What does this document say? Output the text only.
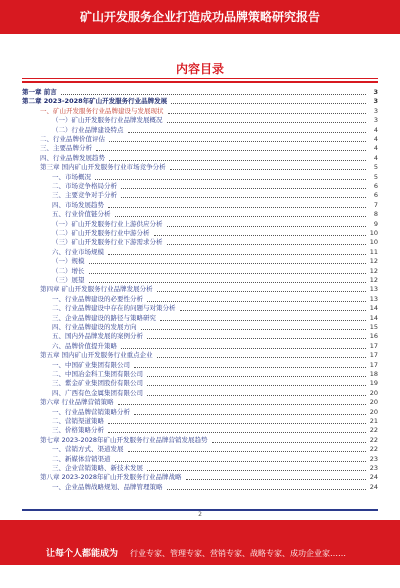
矿山开发服务企业打造成功品牌策略研究报告
内容目录
第一章 前言	3
第二章 2023-2028年矿山开发服务行业品牌发展	3
一、矿山开发服务行业品牌建设与发展现状	3
（一）矿山开发服务行业品牌发展概况	3
（二）行业品牌建设特点	4
二、行业品牌价值评估	4
三、主要品牌分析	4
四、行业品牌发展趋势	4
第三章 国内矿山开发服务行业市场竞争分析	5
一、市场概况	5
二、市场竞争格局分析	6
三、主要竞争对手分析	6
四、市场发展趋势	7
五、行业价值链分析	8
（一）矿山开发服务行业上游供应分析	9
（二）矿山开发服务行业中游分析	10
（三）矿山开发服务行业下游需求分析	10
六、行业市场规模	11
（一）规模	12
（二）增长	12
（三）展望	12
第四章 矿山开发服务行业品牌发展分析	13
一、行业品牌建设的必要性分析	13
二、行业品牌建设中存在的问题与对策分析	14
三、企业品牌建设的路径与策略研究	14
四、行业品牌建设的发展方向	15
五、国内外品牌发展的案例分析	16
六、品牌价值提升策略	17
第五章 国内矿山开发服务行业重点企业	17
一、中国矿业集团有限公司	17
二、中国冶金科工集团有限公司	18
三、紫金矿业集团股份有限公司	19
四、广西有色金属集团有限公司	20
第六章 行业品牌营销策略	20
一、行业品牌营销策略分析	20
二、营销渠道策略	21
三、价格策略分析	22
第七章 2023-2028年矿山开发服务行业品牌营销发展趋势	22
一、营销方式、渠道发展	22
二、新媒体营销渠道	23
三、企业营销策略、新技术发展	23
第八章 2023-2028年矿山开发服务行业品牌战略	24
一、企业品牌战略规划、品牌管理策略	24
2
让每个人都能成为 行业专家、管理专家、营销专家、战略专家、成功企业家……
